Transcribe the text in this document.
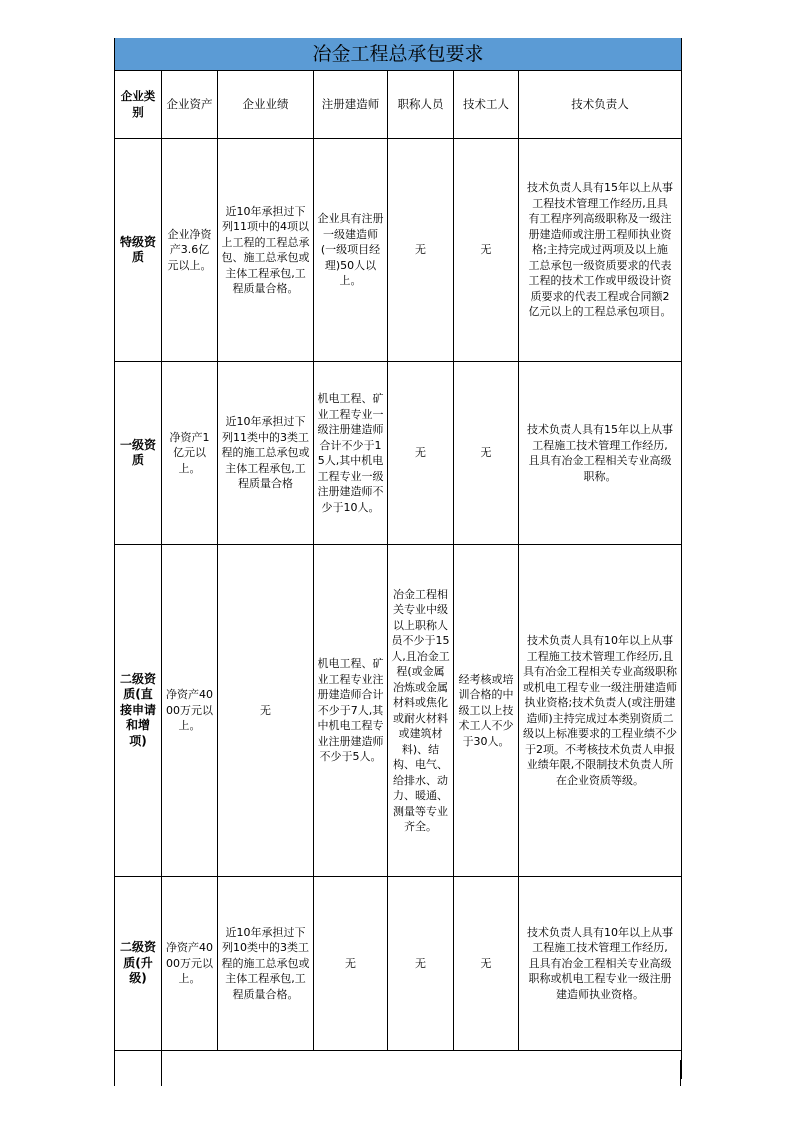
冶金工程总承包要求						
企业类别	企业资产	企业业绩	注册建造师	职称人员	技术工人	技术负责人
特级资质	企业净资产3.6亿元以上。	近10年承担过下列11项中的4项以上工程的工程总承包、施工总承包或主体工程承包,工程质量合格。	企业具有注册一级建造师(一级项目经理)50人以上。	无	无	技术负责人具有15年以上从事工程技术管理工作经历,且具有工程序列高级职称及一级注册建造师或注册工程师执业资格;主持完成过两项及以上施工总承包一级资质要求的代表工程的技术工作或甲级设计资质要求的代表工程或合同额2亿元以上的工程总承包项目。
一级资质	净资产1亿元以上。	近10年承担过下列11类中的3类工程的施工总承包或主体工程承包,工程质量合格	机电工程、矿业工程专业一级注册建造师合计不少于15人,其中机电工程专业一级注册建造师不少于10人。	无	无	技术负责人具有15年以上从事工程施工技术管理工作经历,且具有冶金工程相关专业高级职称。
二级资质(直接申请和增项)	净资产4000万元以上。	无	机电工程、矿业工程专业注册建造师合计不少于7人,其中机电工程专业注册建造师不少于5人。	冶金工程相关专业中级以上职称人员不少于15人,且冶金工程(或金属冶炼或金属材料或焦化或耐火材料或建筑材料)、结构、电气、给排水、动力、暖通、测量等专业齐全。	经考核或培训合格的中级工以上技术工人不少于30人。	技术负责人具有10年以上从事工程施工技术管理工作经历,且具有冶金工程相关专业高级职称或机电工程专业一级注册建造师执业资格;技术负责人(或注册建造师)主持完成过本类别资质二级以上标准要求的工程业绩不少于2项。不考核技术负责人申报业绩年限,不限制技术负责人所在企业资质等级。
二级资质(升级)	净资产4000万元以上。	近10年承担过下列10类中的3类工程的施工总承包或主体工程承包,工程质量合格。	无	无	无	技术负责人具有10年以上从事工程施工技术管理工作经历,且具有冶金工程相关专业高级职称或机电工程专业一级注册建造师执业资格。
